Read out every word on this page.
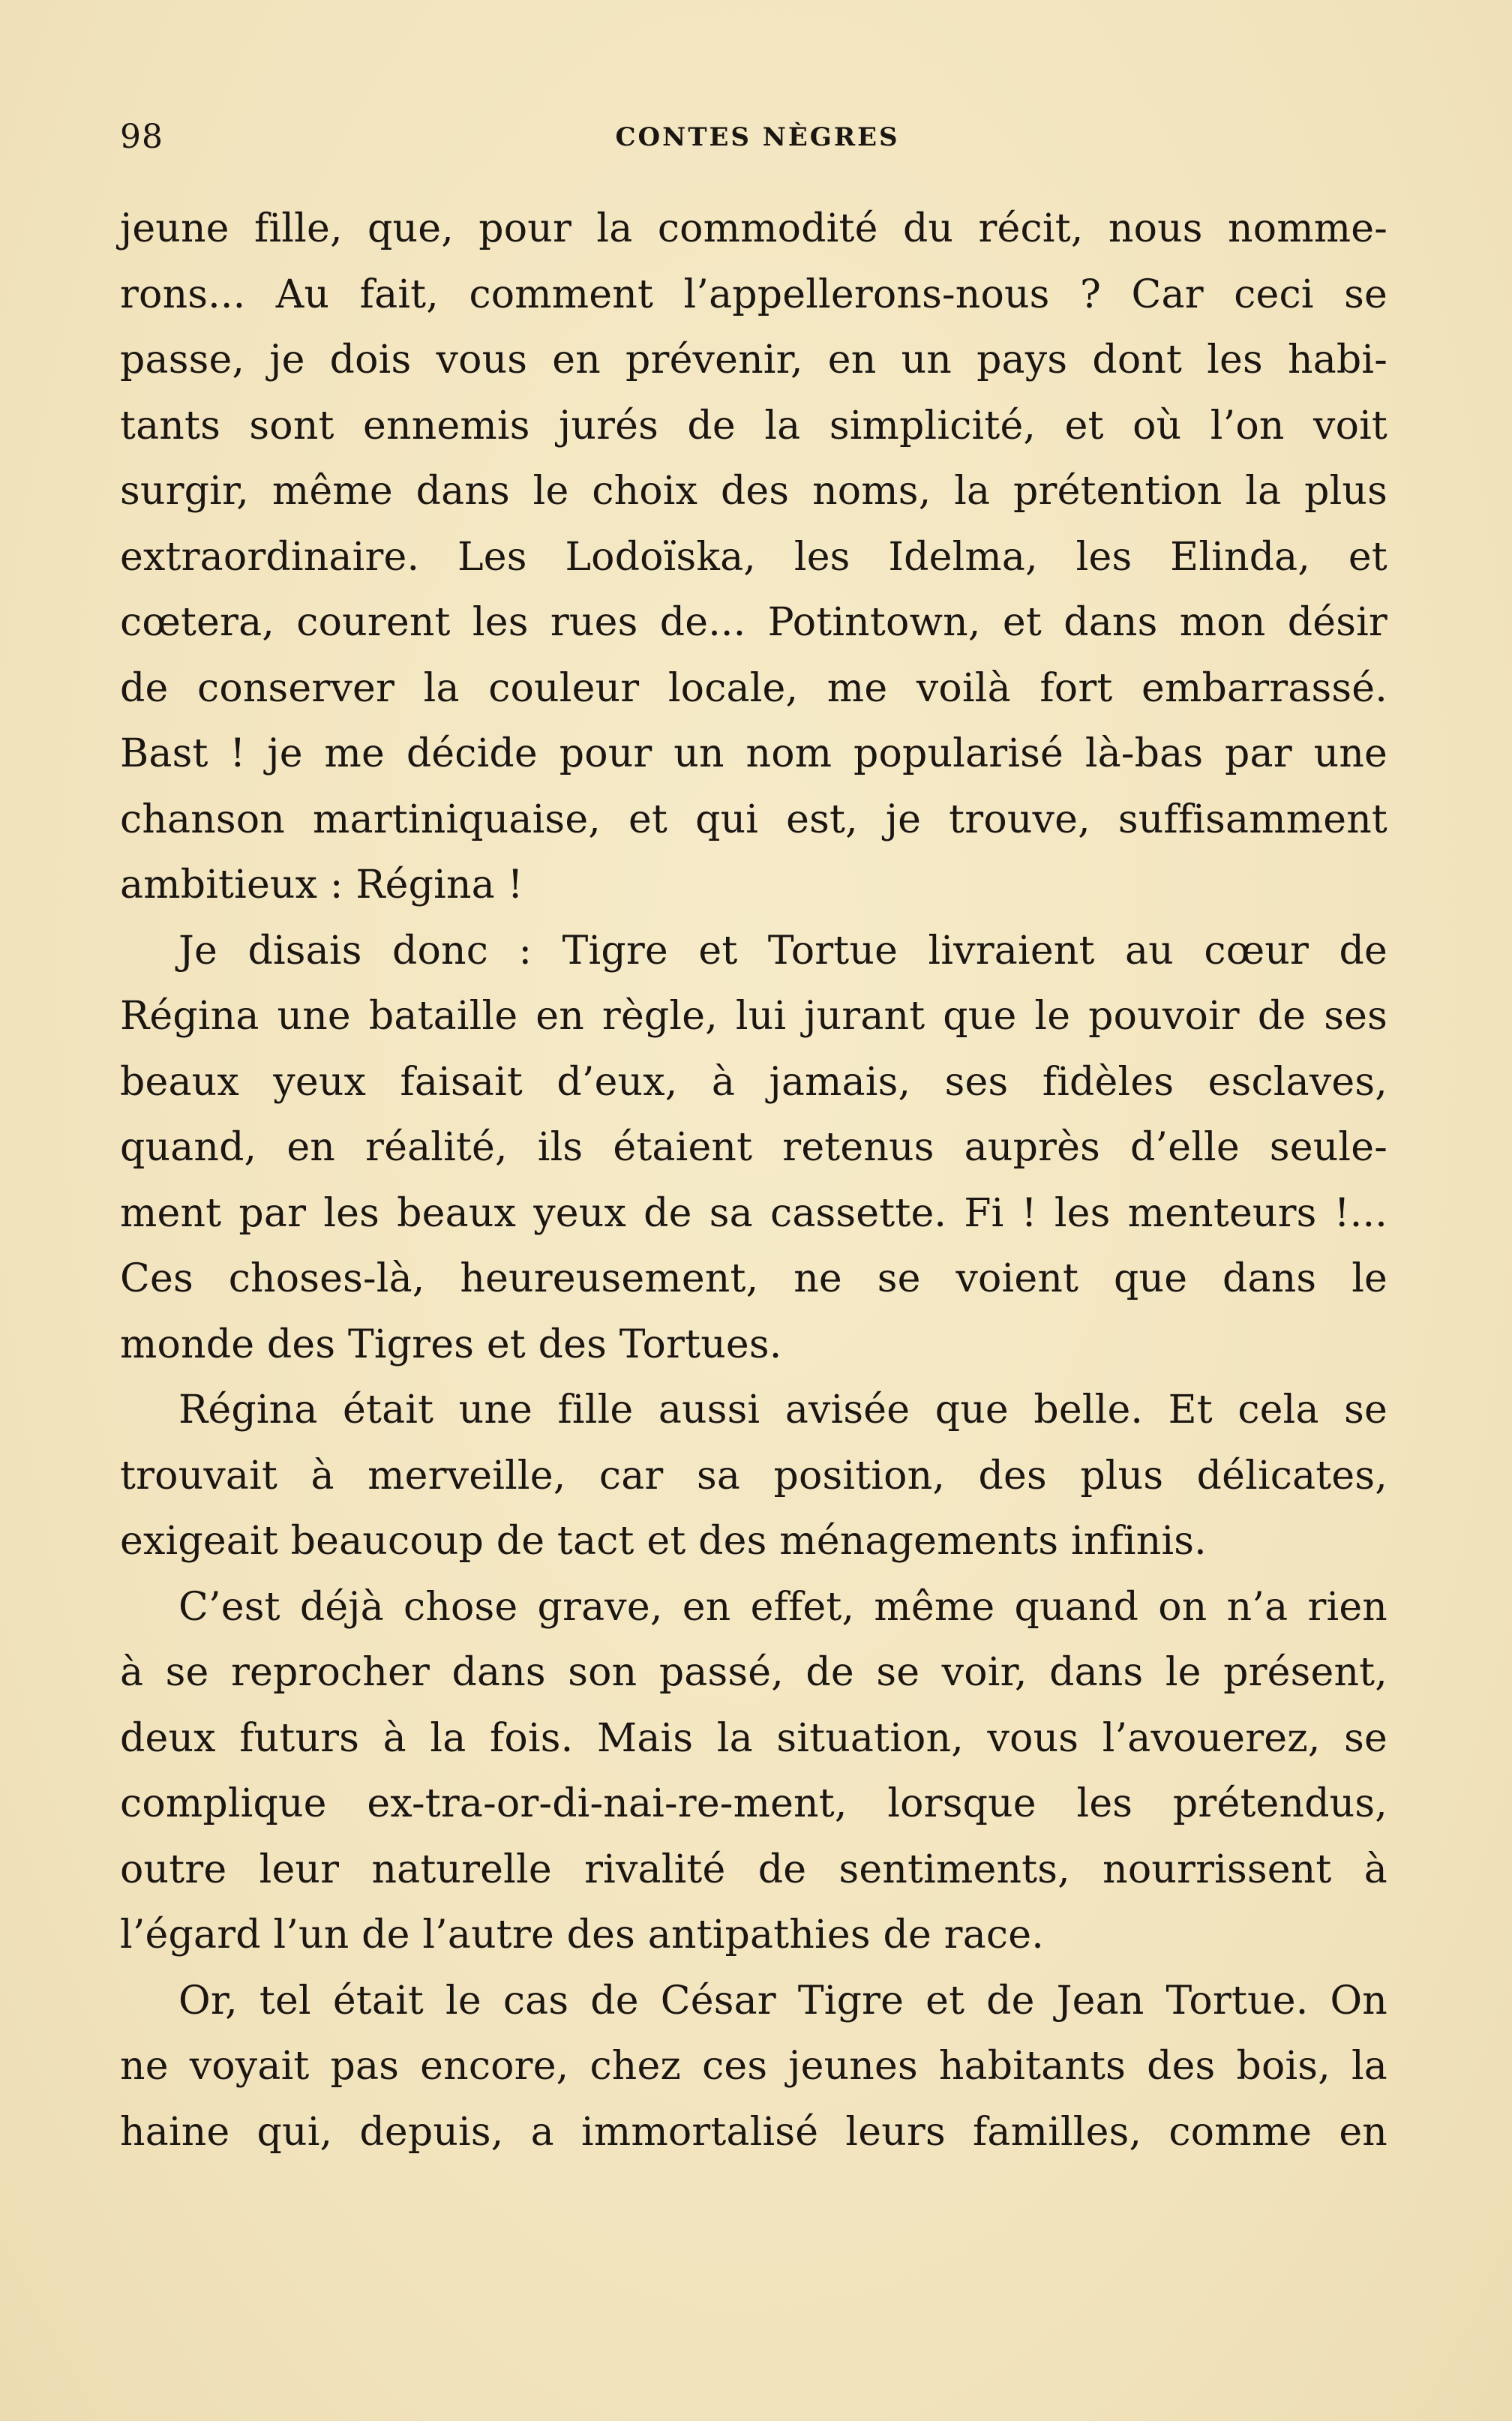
98	CONTES NÈGRES
jeune fille, que, pour la commodité du récit, nous nomme-
rons... Au fait, comment l’appellerons-nous ? Car ceci se
passe, je dois vous en prévenir, en un pays dont les habi-
tants sont ennemis jurés de la simplicité, et où l’on voit
surgir, même dans le choix des noms, la prétention la plus
extraordinaire. Les Lodoïska, les Idelma, les Elinda, et
cœtera, courent les rues de... Potintown, et dans mon désir
de conserver la couleur locale, me voilà fort embarrassé.
Bast ! je me décide pour un nom popularisé là-bas par une
chanson martiniquaise, et qui est, je trouve, suffisamment
ambitieux : Régina !
Je disais donc : Tigre et Tortue livraient au cœur de
Régina une bataille en règle, lui jurant que le pouvoir de ses
beaux yeux faisait d’eux, à jamais, ses fidèles esclaves,
quand, en réalité, ils étaient retenus auprès d’elle seule-
ment par les beaux yeux de sa cassette. Fi ! les menteurs !...
Ces choses-là, heureusement, ne se voient que dans le
monde des Tigres et des Tortues.
Régina était une fille aussi avisée que belle. Et cela se
trouvait à merveille, car sa position, des plus délicates,
exigeait beaucoup de tact et des ménagements infinis.
C’est déjà chose grave, en effet, même quand on n’a rien
à se reprocher dans son passé, de se voir, dans le présent,
deux futurs à la fois. Mais la situation, vous l’avouerez, se
complique ex-tra-or-di-nai-re-ment, lorsque les prétendus,
outre leur naturelle rivalité de sentiments, nourrissent à
l’égard l’un de l’autre des antipathies de race.
Or, tel était le cas de César Tigre et de Jean Tortue. On
ne voyait pas encore, chez ces jeunes habitants des bois, la
haine qui, depuis, a immortalisé leurs familles, comme en
